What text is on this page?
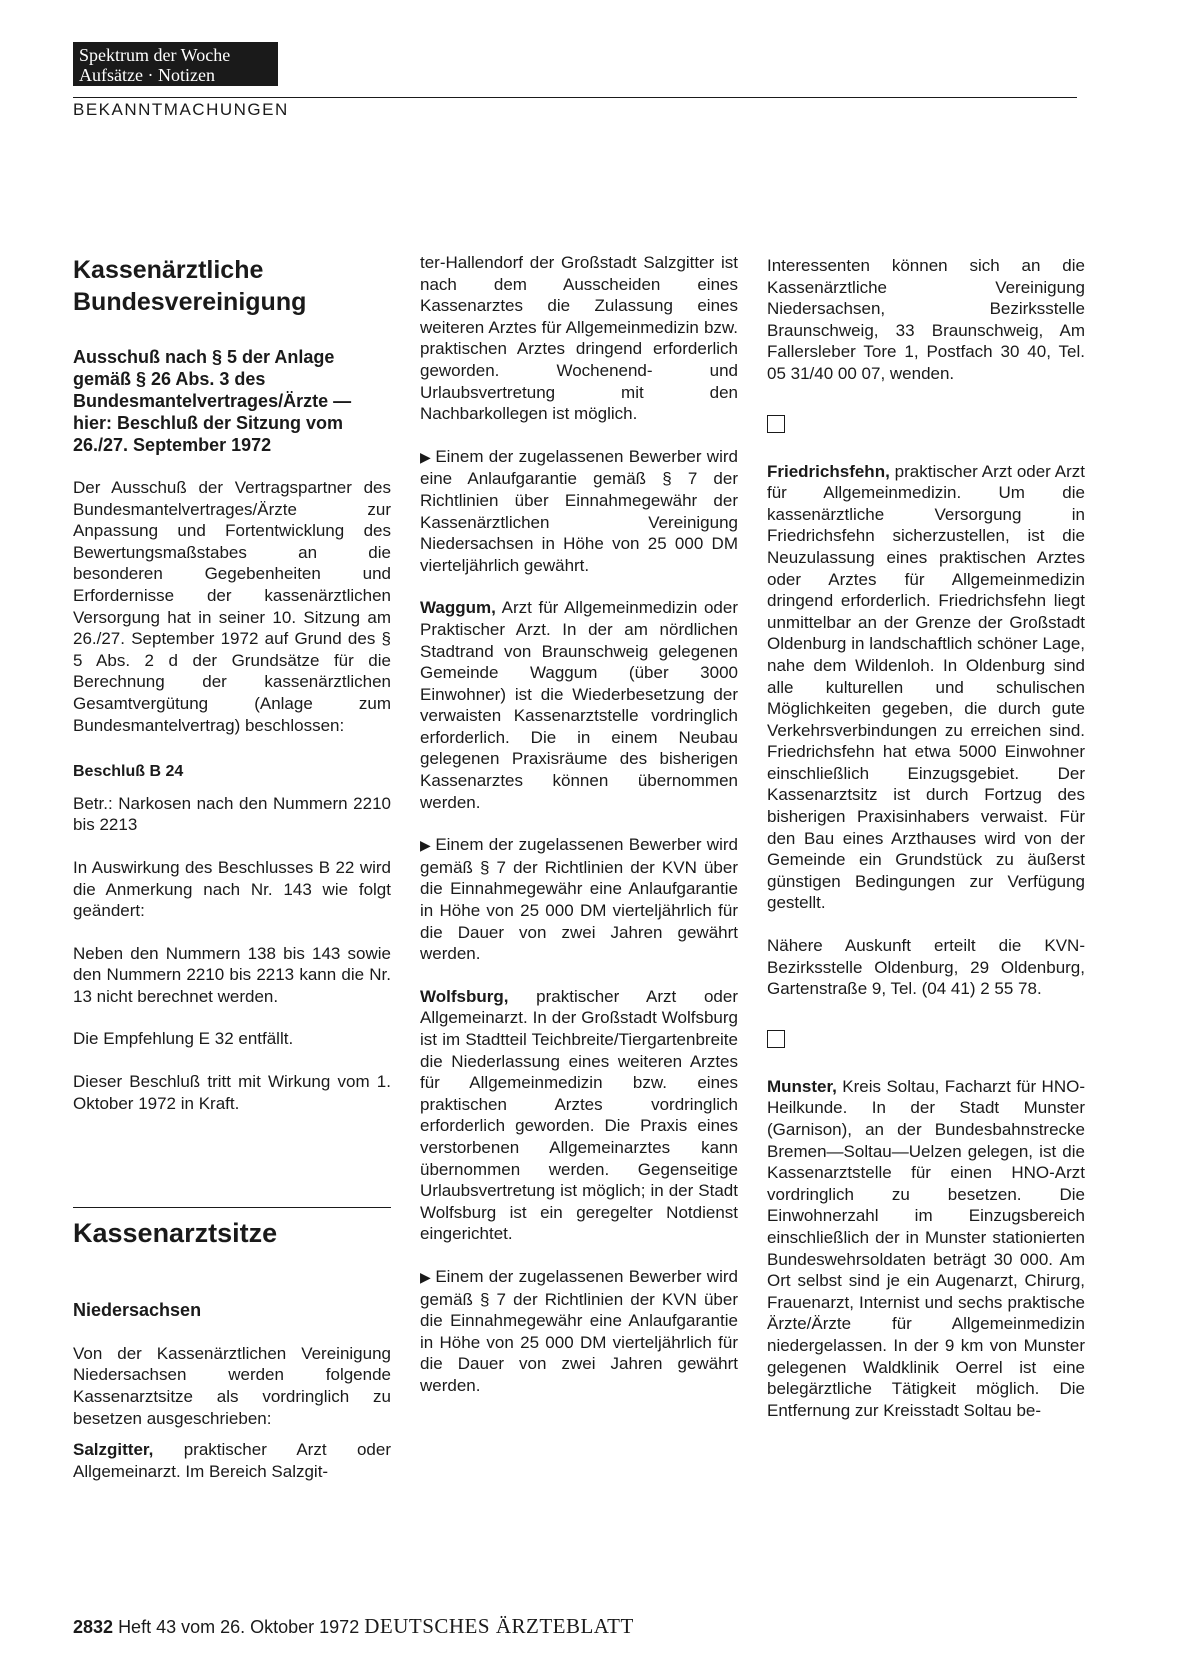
Spektrum der Woche
Aufsätze · Notizen
BEKANNTMACHUNGEN
Kassenärztliche Bundesvereinigung
Ausschuß nach § 5 der Anlage gemäß § 26 Abs. 3 des Bundesmantelvertrages/Ärzte — hier: Beschluß der Sitzung vom 26./27. September 1972

Der Ausschuß der Vertragspartner des Bundesmantelvertrages/Ärzte zur Anpassung und Fortentwicklung des Bewertungsmaßstabes an die besonderen Gegebenheiten und Erfordernisse der kassenärztlichen Versorgung hat in seiner 10. Sitzung am 26./27. September 1972 auf Grund des § 5 Abs. 2 d der Grundsätze für die Berechnung der kassenärztlichen Gesamtvergütung (Anlage zum Bundesmantelvertrag) beschlossen:

Beschluß B 24

Betr.: Narkosen nach den Nummern 2210 bis 2213

In Auswirkung des Beschlusses B 22 wird die Anmerkung nach Nr. 143 wie folgt geändert:

Neben den Nummern 138 bis 143 sowie den Nummern 2210 bis 2213 kann die Nr. 13 nicht berechnet werden.

Die Empfehlung E 32 entfällt.

Dieser Beschluß tritt mit Wirkung vom 1. Oktober 1972 in Kraft.

Kassenarztsitze
Niedersachsen

Von der Kassenärztlichen Vereinigung Niedersachsen werden folgende Kassenarztsitze als vordringlich zu besetzen ausgeschrieben:

Salzgitter, praktischer Arzt oder Allgemeinarzt. Im Bereich Salzgit-

ter-Hallendorf der Großstadt Salzgitter ist nach dem Ausscheiden eines Kassenarztes die Zulassung eines weiteren Arztes für Allgemeinmedizin bzw. praktischen Arztes dringend erforderlich geworden. Wochenend- und Urlaubsvertretung mit den Nachbarkollegen ist möglich.

▶ Einem der zugelassenen Bewerber wird eine Anlaufgarantie gemäß § 7 der Richtlinien über Einnahmegewähr der Kassenärztlichen Vereinigung Niedersachsen in Höhe von 25 000 DM vierteljährlich gewährt.

Waggum, Arzt für Allgemeinmedizin oder Praktischer Arzt. In der am nördlichen Stadtrand von Braunschweig gelegenen Gemeinde Waggum (über 3000 Einwohner) ist die Wiederbesetzung der verwaisten Kassenarztstelle vordringlich erforderlich. Die in einem Neubau gelegenen Praxisräume des bisherigen Kassenarztes können übernommen werden.

▶ Einem der zugelassenen Bewerber wird gemäß § 7 der Richtlinien der KVN über die Einnahmegewähr eine Anlaufgarantie in Höhe von 25 000 DM vierteljährlich für die Dauer von zwei Jahren gewährt werden.

Wolfsburg, praktischer Arzt oder Allgemeinarzt. In der Großstadt Wolfsburg ist im Stadtteil Teichbreite/Tiergartenbreite die Niederlassung eines weiteren Arztes für Allgemeinmedizin bzw. eines praktischen Arztes vordringlich erforderlich geworden. Die Praxis eines verstorbenen Allgemeinarztes kann übernommen werden. Gegenseitige Urlaubsvertretung ist möglich; in der Stadt Wolfsburg ist ein geregelter Notdienst eingerichtet.

▶ Einem der zugelassenen Bewerber wird gemäß § 7 der Richtlinien der KVN über die Einnahmegewähr eine Anlaufgarantie in Höhe von 25 000 DM vierteljährlich für die Dauer von zwei Jahren gewährt werden.

Interessenten können sich an die Kassenärztliche Vereinigung Niedersachsen, Bezirksstelle Braunschweig, 33 Braunschweig, Am Fallersleber Tore 1, Postfach 30 40, Tel. 05 31/40 00 07, wenden.

Friedrichsfehn, praktischer Arzt oder Arzt für Allgemeinmedizin. Um die kassenärztliche Versorgung in Friedrichsfehn sicherzustellen, ist die Neuzulassung eines praktischen Arztes oder Arztes für Allgemeinmedizin dringend erforderlich. Friedrichsfehn liegt unmittelbar an der Grenze der Großstadt Oldenburg in landschaftlich schöner Lage, nahe dem Wildenloh. In Oldenburg sind alle kulturellen und schulischen Möglichkeiten gegeben, die durch gute Verkehrsverbindungen zu erreichen sind. Friedrichsfehn hat etwa 5000 Einwohner einschließlich Einzugsgebiet. Der Kassenarztsitz ist durch Fortzug des bisherigen Praxisinhabers verwaist. Für den Bau eines Arzthauses wird von der Gemeinde ein Grundstück zu äußerst günstigen Bedingungen zur Verfügung gestellt.

Nähere Auskunft erteilt die KVN-Bezirksstelle Oldenburg, 29 Oldenburg, Gartenstraße 9, Tel. (04 41) 2 55 78.

Munster, Kreis Soltau, Facharzt für HNO-Heilkunde. In der Stadt Munster (Garnison), an der Bundesbahnstrecke Bremen—Soltau—Uelzen gelegen, ist die Kassenarztstelle für einen HNO-Arzt vordringlich zu besetzen. Die Einwohnerzahl im Einzugsbereich einschließlich der in Munster stationierten Bundeswehrsoldaten beträgt 30 000. Am Ort selbst sind je ein Augenarzt, Chirurg, Frauenarzt, Internist und sechs praktische Ärzte/Ärzte für Allgemeinmedizin niedergelassen. In der 9 km von Munster gelegenen Waldklinik Oerrel ist eine belegärztliche Tätigkeit möglich. Die Entfernung zur Kreisstadt Soltau be-

2832 Heft 43 vom 26. Oktober 1972 DEUTSCHES ÄRZTEBLATT
